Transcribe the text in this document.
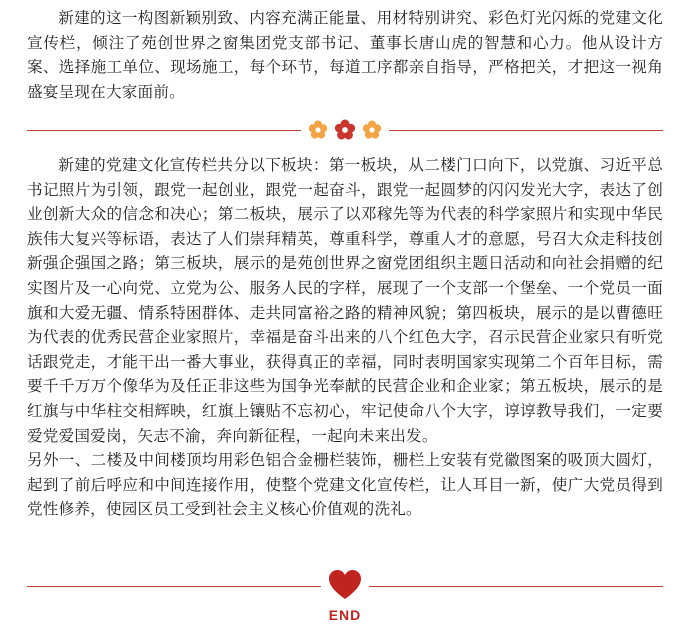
新建的这一构图新颖别致、内容充满正能量、用材特别讲究、彩色灯光闪烁的党建文化宣传栏，倾注了苑创世界之窗集团党支部书记、董事长唐山虎的智慧和心力。他从设计方案、选择施工单位、现场施工，每个环节，每道工序都亲自指导，严格把关，才把这一视角盛宴呈现在大家面前。

新建的党建文化宣传栏共分以下板块：第一板块，从二楼门口向下，以党旗、习近平总书记照片为引领，跟党一起创业，跟党一起奋斗，跟党一起圆梦的闪闪发光大字，表达了创业创新大众的信念和决心；第二板块，展示了以邓稼先等为代表的科学家照片和实现中华民族伟大复兴等标语，表达了人们崇拜精英，尊重科学，尊重人才的意愿，号召大众走科技创新强企强国之路；第三板块，展示的是苑创世界之窗党团组织主题日活动和向社会捐赠的纪实图片及一心向党、立党为公、服务人民的字样，展现了一个支部一个堡垒、一个党员一面旗和大爱无疆、情系特困群体、走共同富裕之路的精神风貌；第四板块，展示的是以曹德旺为代表的优秀民营企业家照片，幸福是奋斗出来的八个红色大字，召示民营企业家只有听党话跟党走，才能干出一番大事业，获得真正的幸福，同时表明国家实现第二个百年目标，需要千千万万个像华为及任正非这些为国争光奉献的民营企业和企业家；第五板块，展示的是红旗与中华柱交相辉映，红旗上镶贴不忘初心，牢记使命八个大字，谆谆教导我们，一定要爱党爱国爱岗，矢志不渝，奔向新征程，一起向未来出发。

另外一、二楼及中间楼顶均用彩色铝合金栅栏装饰，栅栏上安装有党徽图案的吸顶大圆灯，起到了前后呼应和中间连接作用，使整个党建文化宣传栏，让人耳目一新，使广大党员得到党性修养，使园区员工受到社会主义核心价值观的洗礼。

END
